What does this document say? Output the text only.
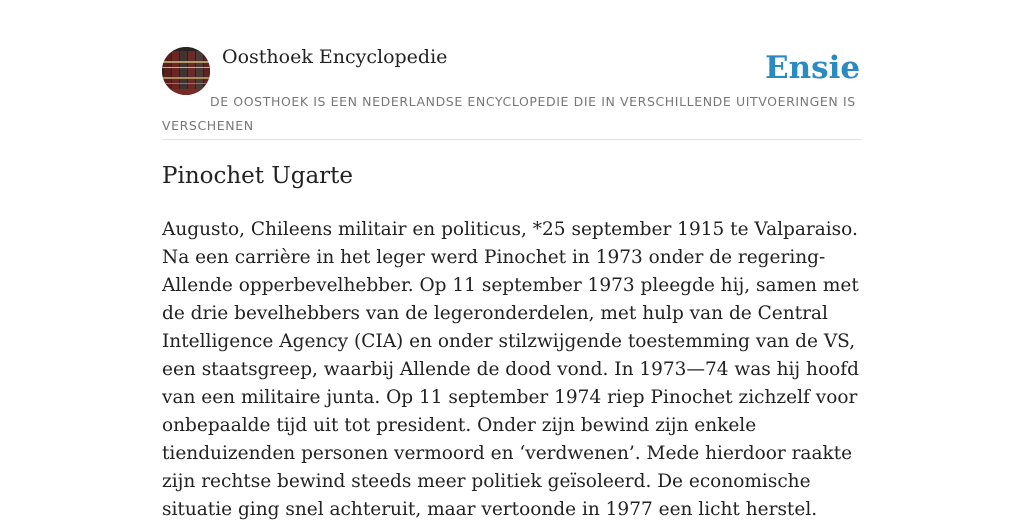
Oosthoek Encyclopedie	Ensie
DE OOSTHOEK IS EEN NEDERLANDSE ENCYCLOPEDIE DIE IN VERSCHILLENDE UITVOERINGEN IS VERSCHENEN
Pinochet Ugarte

Augusto, Chileens militair en politicus, *25 september 1915 te Valparaiso. Na een carrière in het leger werd Pinochet in 1973 onder de regering-Allende opperbevelhebber. Op 11 september 1973 pleegde hij, samen met de drie bevelhebbers van de legeronderdelen, met hulp van de Central Intelligence Agency (CIA) en onder stilzwijgende toestemming van de VS, een staatsgreep, waarbij Allende de dood vond. In 1973—74 was hij hoofd van een militaire junta. Op 11 september 1974 riep Pinochet zichzelf voor onbepaalde tijd uit tot president. Onder zijn bewind zijn enkele tienduizenden personen vermoord en ‘verdwenen’. Mede hierdoor raakte zijn rechtse bewind steeds meer politiek geïsoleerd. De economische situatie ging snel achteruit, maar vertoonde in 1977 een licht herstel.
